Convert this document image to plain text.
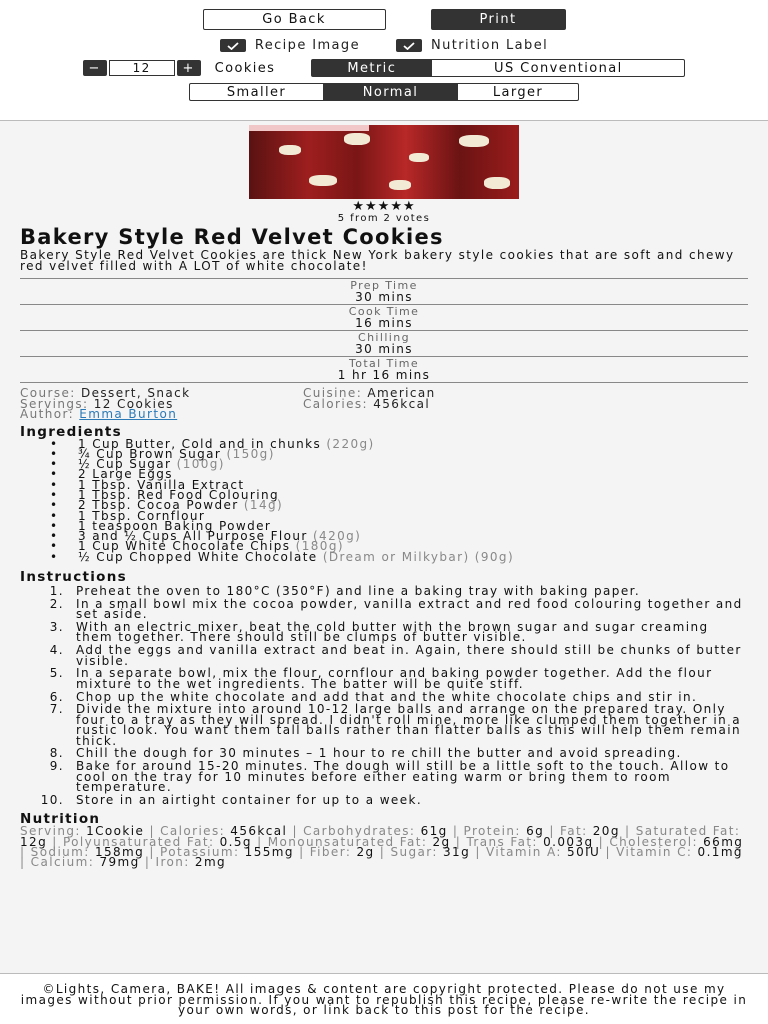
Go Back	Print
Recipe Image	Nutrition Label
−	12	+	Cookies	Metric	US Conventional
Smaller	Normal	Larger
★★★★★
5 from 2 votes
Bakery Style Red Velvet Cookies
Bakery Style Red Velvet Cookies are thick New York bakery style cookies that are soft and chewy red velvet filled with A LOT of white chocolate!
Prep Time
30 mins
Cook Time
16 mins
Chilling
30 mins
Total Time
1 hr 16 mins
Course: Dessert, Snack	Cuisine: American
Servings: 12 Cookies	Calories: 456kcal
Author: Emma Burton
Ingredients
• 1 Cup Butter, Cold and in chunks (220g)
• ¾ Cup Brown Sugar (150g)
• ½ Cup Sugar (100g)
• 2 Large Eggs
• 1 Tbsp. Vanilla Extract
• 1 Tbsp. Red Food Colouring
• 2 Tbsp. Cocoa Powder (14g)
• 1 Tbsp. Cornflour
• 1 teaspoon Baking Powder
• 3 and ½ Cups All Purpose Flour (420g)
• 1 Cup White Chocolate Chips (180g)
• ½ Cup Chopped White Chocolate (Dream or Milkybar) (90g)
Instructions
1.	Preheat the oven to 180°C (350°F) and line a baking tray with baking paper.
2.	In a small bowl mix the cocoa powder, vanilla extract and red food colouring together and set aside.
3.	With an electric mixer, beat the cold butter with the brown sugar and sugar creaming them together. There should still be clumps of butter visible.
4.	Add the eggs and vanilla extract and beat in. Again, there should still be chunks of butter visible.
5.	In a separate bowl, mix the flour, cornflour and baking powder together. Add the flour mixture to the wet ingredients. The batter will be quite stiff.
6.	Chop up the white chocolate and add that and the white chocolate chips and stir in.
7.	Divide the mixture into around 10-12 large balls and arrange on the prepared tray. Only four to a tray as they will spread. I didn't roll mine, more like clumped them together in a rustic look. You want them tall balls rather than flatter balls as this will help them remain thick.
8.	Chill the dough for 30 minutes – 1 hour to re chill the butter and avoid spreading.
9.	Bake for around 15-20 minutes. The dough will still be a little soft to the touch. Allow to cool on the tray for 10 minutes before either eating warm or bring them to room temperature.
10.	Store in an airtight container for up to a week.
Nutrition
Serving: 1Cookie | Calories: 456kcal | Carbohydrates: 61g | Protein: 6g | Fat: 20g | Saturated Fat: 12g | Polyunsaturated Fat: 0.5g | Monounsaturated Fat: 2g | Trans Fat: 0.003g | Cholesterol: 66mg | Sodium: 158mg | Potassium: 155mg | Fiber: 2g | Sugar: 31g | Vitamin A: 50IU | Vitamin C: 0.1mg | Calcium: 79mg | Iron: 2mg
©Lights, Camera, BAKE! All images & content are copyright protected. Please do not use my images without prior permission. If you want to republish this recipe, please re-write the recipe in your own words, or link back to this post for the recipe.
